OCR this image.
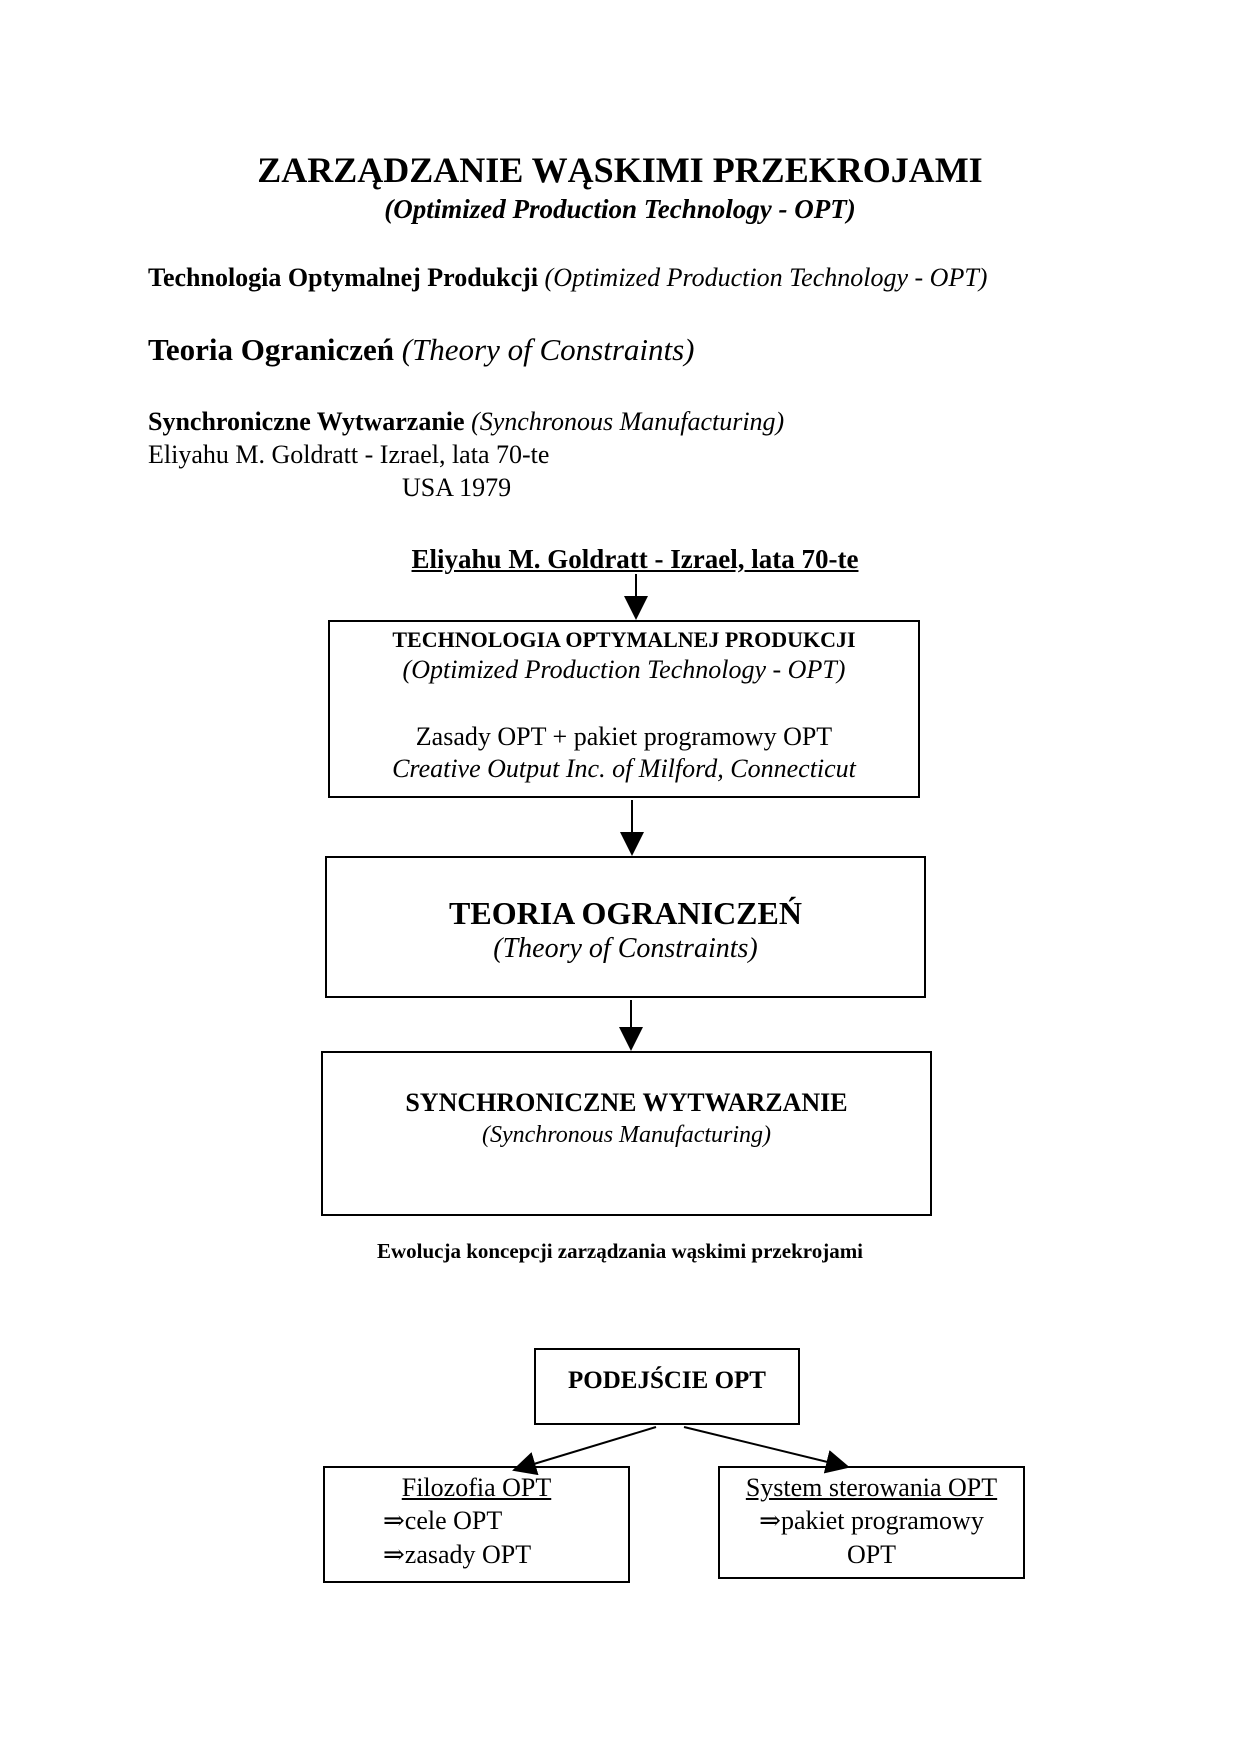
ZARZĄDZANIE WĄSKIMI PRZEKROJAMI
(Optimized Production Technology - OPT)
Technologia Optymalnej Produkcji (Optimized Production Technology - OPT)
Teoria Ograniczeń (Theory of Constraints)
Synchroniczne Wytwarzanie (Synchronous Manufacturing)
Eliyahu M. Goldratt - Izrael, lata 70-te
USA 1979
Eliyahu M. Goldratt - Izrael, lata 70-te
TECHNOLOGIA OPTYMALNEJ PRODUKCJI
(Optimized Production Technology - OPT)
Zasady OPT + pakiet programowy OPT
Creative Output Inc. of Milford, Connecticut
TEORIA OGRANICZEŃ
(Theory of Constraints)
SYNCHRONICZNE WYTWARZANIE
(Synchronous Manufacturing)
Ewolucja koncepcji zarządzania wąskimi przekrojami
PODEJŚCIE OPT
Filozofia OPT
⇒cele OPT
⇒zasady OPT
System sterowania OPT
⇒pakiet programowy
OPT
